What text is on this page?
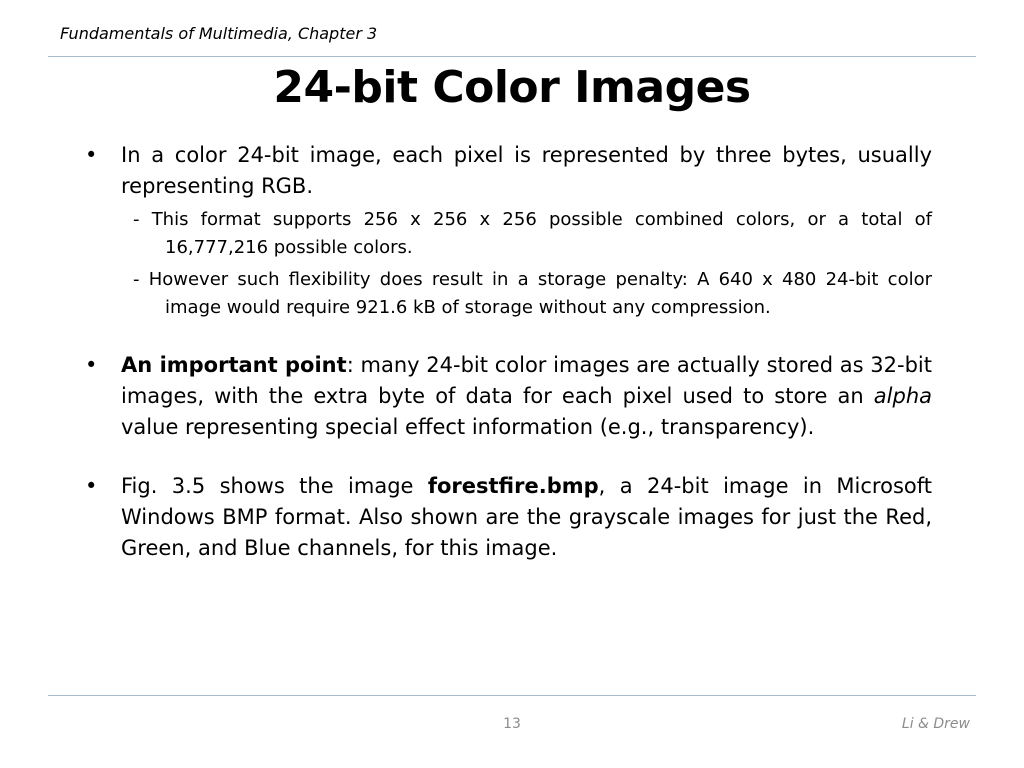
Fundamentals of Multimedia, Chapter 3
24-bit Color Images
• In a color 24-bit image, each pixel is represented by three bytes, usually representing RGB.
- This format supports 256 x 256 x 256 possible combined colors, or a total of 16,777,216 possible colors.
- However such flexibility does result in a storage penalty: A 640 x 480 24-bit color image would require 921.6 kB of storage without any compression.
• An important point: many 24-bit color images are actually stored as 32-bit images, with the extra byte of data for each pixel used to store an alpha value representing special effect information (e.g., transparency).
• Fig. 3.5 shows the image forestfire.bmp, a 24-bit image in Microsoft Windows BMP format. Also shown are the grayscale images for just the Red, Green, and Blue channels, for this image.
13	Li & Drew
